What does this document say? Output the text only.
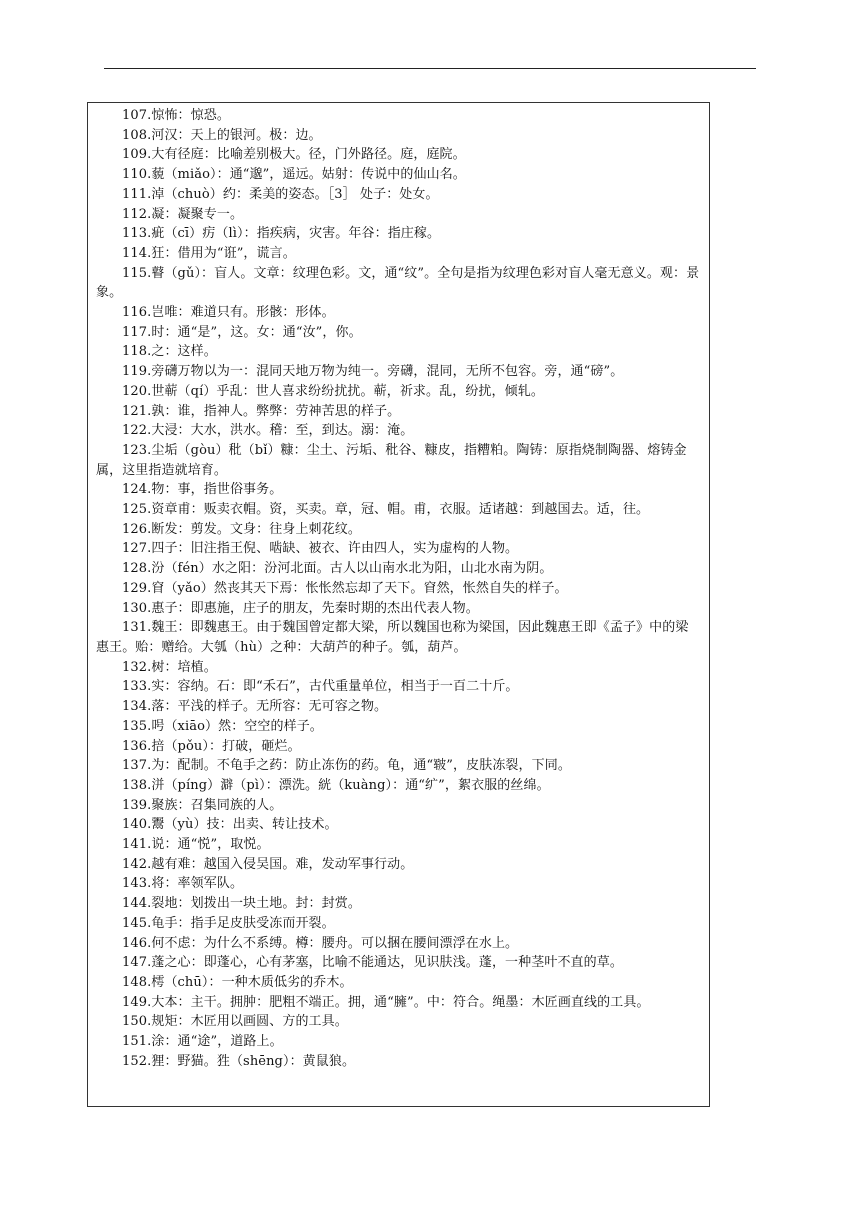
107.惊怖：惊恐。

108.河汉：天上的银河。极：边。

109.大有径庭：比喻差别极大。径，门外路径。庭，庭院。

110.藐（miǎo）：通“邈”，遥远。姑射：传说中的仙山名。

111.淖（chuò）约：柔美的姿态。［3］ 处子：处女。

112.凝：凝聚专一。

113.疵（cī）疠（lì）：指疾病，灾害。年谷：指庄稼。

114.狂：借用为“诳”，谎言。

115.瞽（gǔ）：盲人。文章：纹理色彩。文，通“纹”。全句是指为纹理色彩对盲人毫无意义。观：景象。

116.岂唯：难道只有。形骸：形体。

117.时：通“是”，这。女：通“汝”，你。

118.之：这样。

119.旁礴万物以为一：混同天地万物为纯一。旁礴，混同，无所不包容。旁，通“磅”。

120.世蕲（qí）乎乱：世人喜求纷纷扰扰。蕲，祈求。乱，纷扰，倾轧。

121.孰：谁，指神人。弊弊：劳神苦思的样子。

122.大浸：大水，洪水。稽：至，到达。溺：淹。

123.尘垢（gòu）秕（bǐ）糠：尘土、污垢、秕谷、糠皮，指糟粕。陶铸：原指烧制陶器、熔铸金属，这里指造就培育。

124.物：事，指世俗事务。

125.资章甫：贩卖衣帽。资，买卖。章，冠、帽。甫，衣服。适诸越：到越国去。适，往。

126.断发：剪发。文身：往身上刺花纹。

127.四子：旧注指王倪、啮缺、被衣、许由四人，实为虚构的人物。

128.汾（fén）水之阳：汾河北面。古人以山南水北为阳，山北水南为阴。

129.窅（yǎo）然丧其天下焉：怅怅然忘却了天下。窅然，怅然自失的样子。

130.惠子：即惠施，庄子的朋友，先秦时期的杰出代表人物。

131.魏王：即魏惠王。由于魏国曾定都大梁，所以魏国也称为梁国，因此魏惠王即《孟子》中的梁惠王。贻：赠给。大瓠（hù）之种：大葫芦的种子。瓠，葫芦。

132.树：培植。

133.实：容纳。石：即“禾石”，古代重量单位，相当于一百二十斤。

134.落：平浅的样子。无所容：无可容之物。

135.呺（xiāo）然：空空的样子。

136.掊（pǒu）：打破，砸烂。

137.为：配制。不龟手之药：防止冻伤的药。龟，通“皲”，皮肤冻裂，下同。

138.洴（píng）澼（pì）：漂洗。絖（kuàng）：通“纩”，絮衣服的丝绵。

139.聚族：召集同族的人。

140.鬻（yù）技：出卖、转让技术。

141.说：通“悦”，取悦。

142.越有难：越国入侵吴国。难，发动军事行动。

143.将：率领军队。

144.裂地：划拨出一块土地。封：封赏。

145.龟手：指手足皮肤受冻而开裂。

146.何不虑：为什么不系缚。樽：腰舟。可以捆在腰间漂浮在水上。

147.蓬之心：即蓬心，心有茅塞，比喻不能通达，见识肤浅。蓬，一种茎叶不直的草。

148.樗（chū）：一种木质低劣的乔木。

149.大本：主干。拥肿：肥粗不端正。拥，通“臃”。中：符合。绳墨：木匠画直线的工具。

150.规矩：木匠用以画圆、方的工具。

151.涂：通“途”，道路上。

152.狸：野猫。狌（shēng）：黄鼠狼。
